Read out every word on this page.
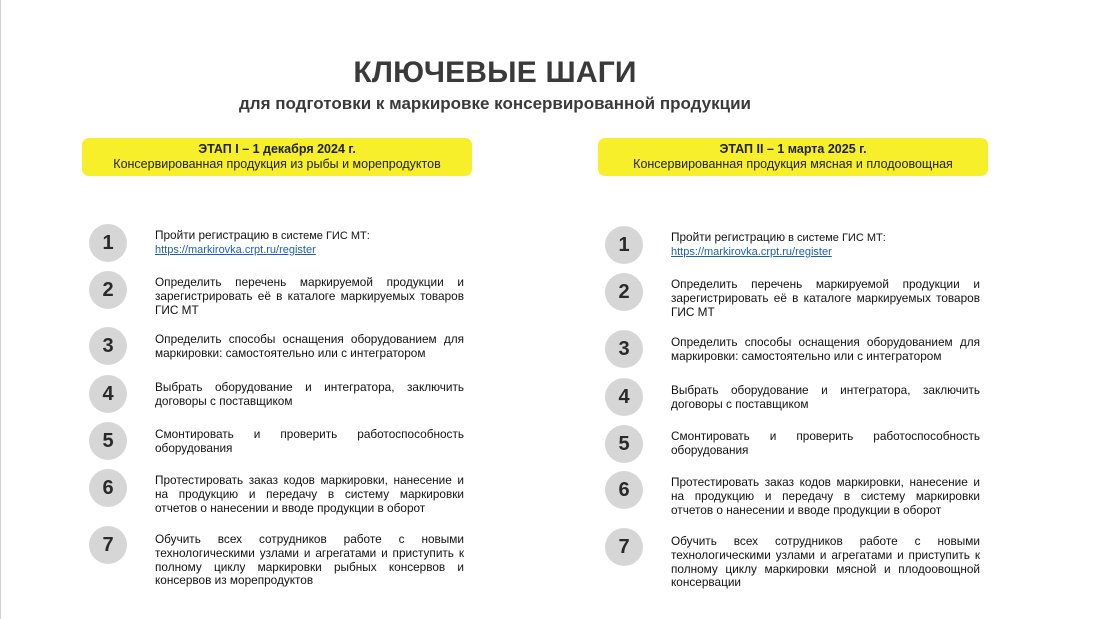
КЛЮЧЕВЫЕ ШАГИ
для подготовки к маркировке консервированной продукции
ЭТАП I – 1 декабря 2024 г.
Консервированная продукция из рыбы и морепродуктов
1	Пройти регистрацию в системе ГИС МТ:
https://markirovka.crpt.ru/register
2	Определить перечень маркируемой продукции и зарегистрировать её в каталоге маркируемых товаров ГИС МТ
3	Определить способы оснащения оборудованием для маркировки: самостоятельно или с интегратором
4	Выбрать оборудование и интегратора, заключить договоры с поставщиком
5	Смонтировать и проверить работоспособность оборудования
6	Протестировать заказ кодов маркировки, нанесение и на продукцию и передачу в систему маркировки отчетов о нанесении и вводе продукции в оборот
7	Обучить всех сотрудников работе с новыми технологическими узлами и агрегатами и приступить к полному циклу маркировки рыбных консервов и консервов из морепродуктов
ЭТАП II – 1 марта 2025 г.
Консервированная продукция мясная и плодоовощная
1	Пройти регистрацию в системе ГИС МТ:
https://markirovka.crpt.ru/register
2	Определить перечень маркируемой продукции и зарегистрировать её в каталоге маркируемых товаров ГИС МТ
3	Определить способы оснащения оборудованием для маркировки: самостоятельно или с интегратором
4	Выбрать оборудование и интегратора, заключить договоры с поставщиком
5	Смонтировать и проверить работоспособность оборудования
6	Протестировать заказ кодов маркировки, нанесение и на продукцию и передачу в систему маркировки отчетов о нанесении и вводе продукции в оборот
7	Обучить всех сотрудников работе с новыми технологическими узлами и агрегатами и приступить к полному циклу маркировки мясной и плодоовощной консервации
